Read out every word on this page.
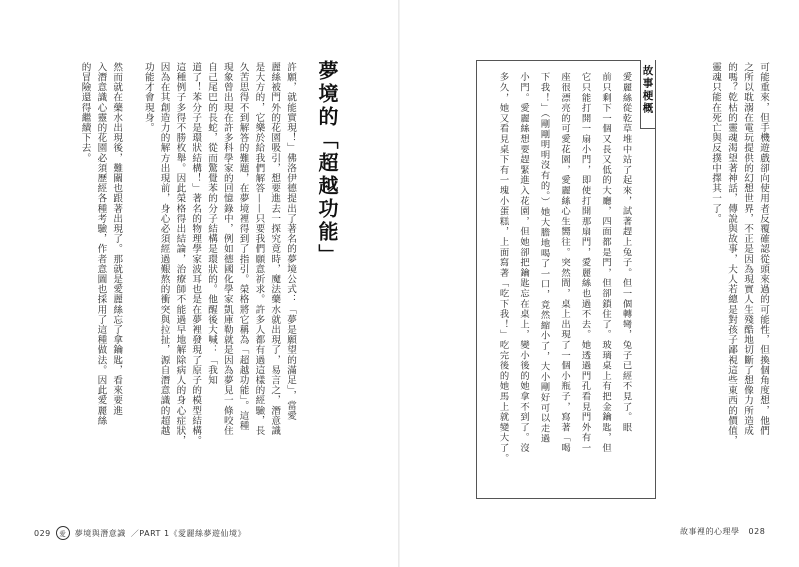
夢境的「超越功能」
許願，就能實現！」佛洛伊德提出了著名的夢境公式：「夢是願望的滿足」，當愛
麗絲被門外的花園吸引，想要進去一探究竟時，魔法藥水就出現了，易言之，潛意識
是大方的，它樂於給我們解答——只要我們願意祈求。許多人都有過這樣的經驗，長
久苦思得不到解答的難題，在夢境裡得到了指引。榮格將它稱為「超越功能」。這種
現象曾出現在許多科學家的回憶錄中，例如德國化學家凱庫勒就是因為夢見一條咬住
自己尾巴的長蛇，從而驚覺苯的分子結構是環狀的。他醒後大喊：「我知
道了！苯分子是環狀結構！」著名的物理學家波耳也是在夢裡發現了原子的模型結構。
這種例子多得不勝枚舉。因此榮格得出結論，治療師不能過早地解除病人的身心症狀，
因為在其創造力的解方出現前，身心必須經過艱熬的衝突與拉扯，源自潛意識的超越
功能才會現身。
然而就在藥水出現後，難關也跟著出現了。那就是愛麗絲忘了拿鑰匙，看來要進
入潛意識心靈的花園必須歷經各種考驗，作者意圖也採用了這種做法。因此愛麗絲
的冒險還得繼續下去。
029	愛	夢境與潛意識 ／PART 1《愛麗絲夢遊仙境》
可能重來，但手機遊戲卻向使用者反覆確認從頭來過的可能性，但換個角度想，他們
之所以耽溺在電玩提供的幻想世界，不正是因為現實人生殘酷地切斷了想像力所造成
的嗎？乾枯的靈魂渴望著神話，傳說與故事，大人若總是對孩子鄙視這些東西的價值，
靈魂只能在死亡與反撲中擇其一了。
故事梗概
愛麗絲從乾草堆中站了起來，試著趕上兔子。但一個轉彎，兔子已經不見了。眼
前只剩下一個又長又低的大廳，四面都是門，但卻鎖住了。玻璃桌上有把金鑰匙，但
它只能打開一扇小門，即使打開那扇門，愛麗絲也過不去。她透過門孔看見門外有一
座很漂亮的可愛花園，愛麗絲心生嚮往。突然間，桌上出現了一個小瓶子，寫著「喝
下我！」（剛剛明明沒有的。）她大膽地喝了一口，竟然縮小了，大小剛好可以走過
小門。愛麗絲想要趕緊進入花園，但她卻把鑰匙忘在桌上，變小後的她拿不到了。沒
多久，她又看見桌下有一塊小蛋糕，上面寫著「吃下我！」吃完後的她馬上就變大了。
故事裡的心理學 028
